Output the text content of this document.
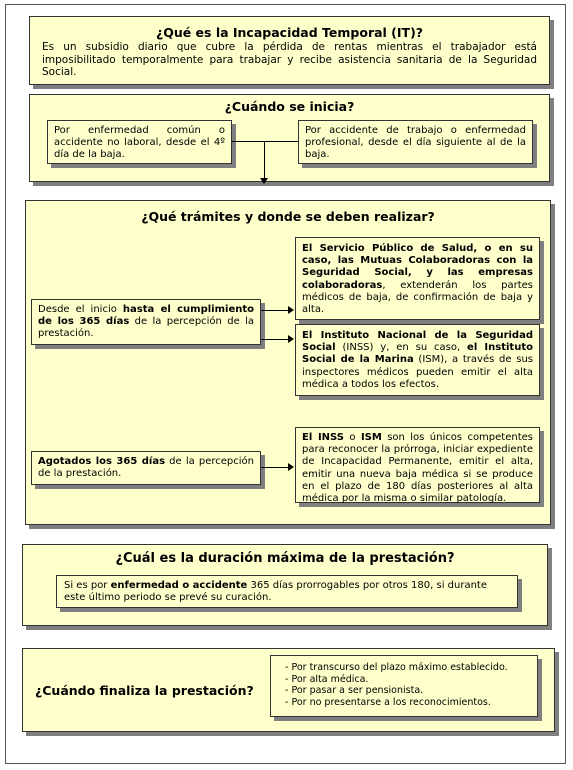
¿Qué es la Incapacidad Temporal (IT)?
Es un subsidio diario que cubre la pérdida de rentas mientras el trabajador está imposibilitado temporalmente para trabajar y recibe asistencia sanitaria de la Seguridad Social.
¿Cuándo se inicia?
Por enfermedad común o accidente no laboral, desde el 4º día de la baja.
Por accidente de trabajo o enfermedad profesional, desde el día siguiente al de la baja.
¿Qué trámites y donde se deben realizar?
Desde el inicio hasta el cumplimiento de los 365 días de la percepción de la prestación.
Agotados los 365 días de la percepción de la prestación.
El Servicio Público de Salud, o en su caso, las Mutuas Colaboradoras con la Seguridad Social, y las empresas colaboradoras, extenderán los partes médicos de baja, de confirmación de baja y alta.
El Instituto Nacional de la Seguridad Social (INSS) y, en su caso, el Instituto Social de la Marina (ISM), a través de sus inspectores médicos pueden emitir el alta médica a todos los efectos.
El INSS o ISM son los únicos competentes para reconocer la prórroga, iniciar expediente de Incapacidad Permanente, emitir el alta, emitir una nueva baja médica si se produce en el plazo de 180 días posteriores al alta médica por la misma o similar patología.
¿Cuál es la duración máxima de la prestación?
Si es por enfermedad o accidente 365 días prorrogables por otros 180, si durante este último periodo se prevé su curación.
¿Cuándo finaliza la prestación?
- Por transcurso del plazo máximo establecido.
- Por alta médica.
- Por pasar a ser pensionista.
- Por no presentarse a los reconocimientos.
